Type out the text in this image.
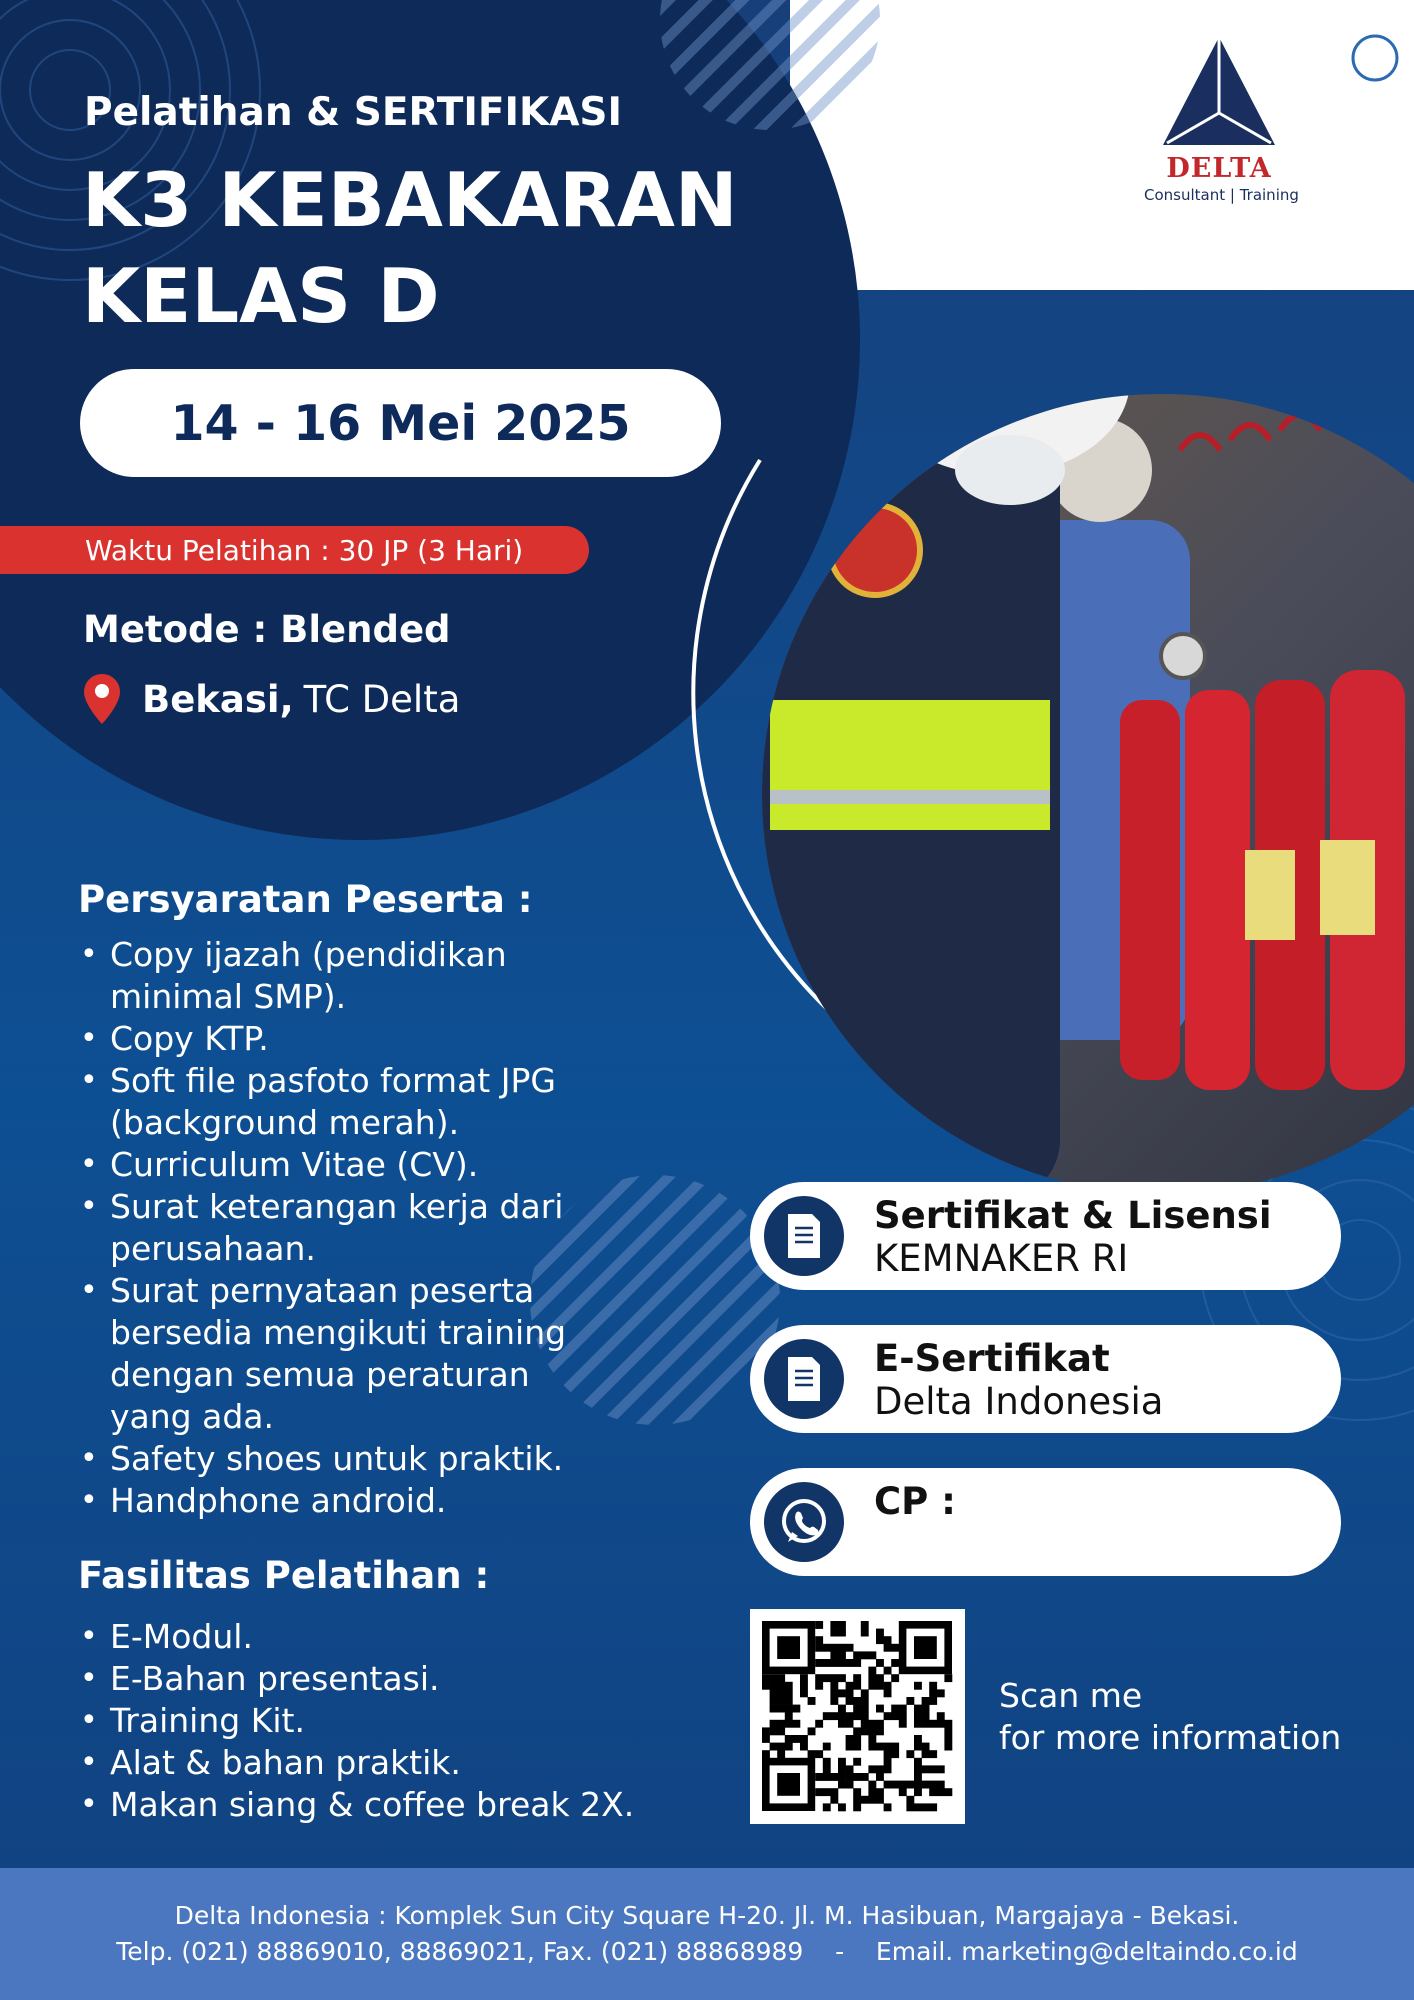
DELTA
Consultant | Training
Pelatihan & SERTIFIKASI
K3 KEBAKARAN
KELAS D
14 - 16 Mei 2025
Waktu Pelatihan : 30 JP (3 Hari)
Metode : Blended
Bekasi, TC Delta
Persyaratan Peserta :
• Copy ijazah (pendidikan minimal SMP).
• Copy KTP.
• Soft file pasfoto format JPG (background merah).
• Curriculum Vitae (CV).
• Surat keterangan kerja dari perusahaan.
• Surat pernyataan peserta bersedia mengikuti training dengan semua peraturan yang ada.
• Safety shoes untuk praktik.
• Handphone android.
Fasilitas Pelatihan :
• E-Modul.
• E-Bahan presentasi.
• Training Kit.
• Alat & bahan praktik.
• Makan siang & coffee break 2X.
Sertifikat & Lisensi
KEMNAKER RI
E-Sertifikat
Delta Indonesia
CP :
Scan me
for more information
Delta Indonesia : Komplek Sun City Square H-20. Jl. M. Hasibuan, Margajaya - Bekasi.
Telp. (021) 88869010, 88869021, Fax. (021) 88868989    -    Email. marketing@deltaindo.co.id
